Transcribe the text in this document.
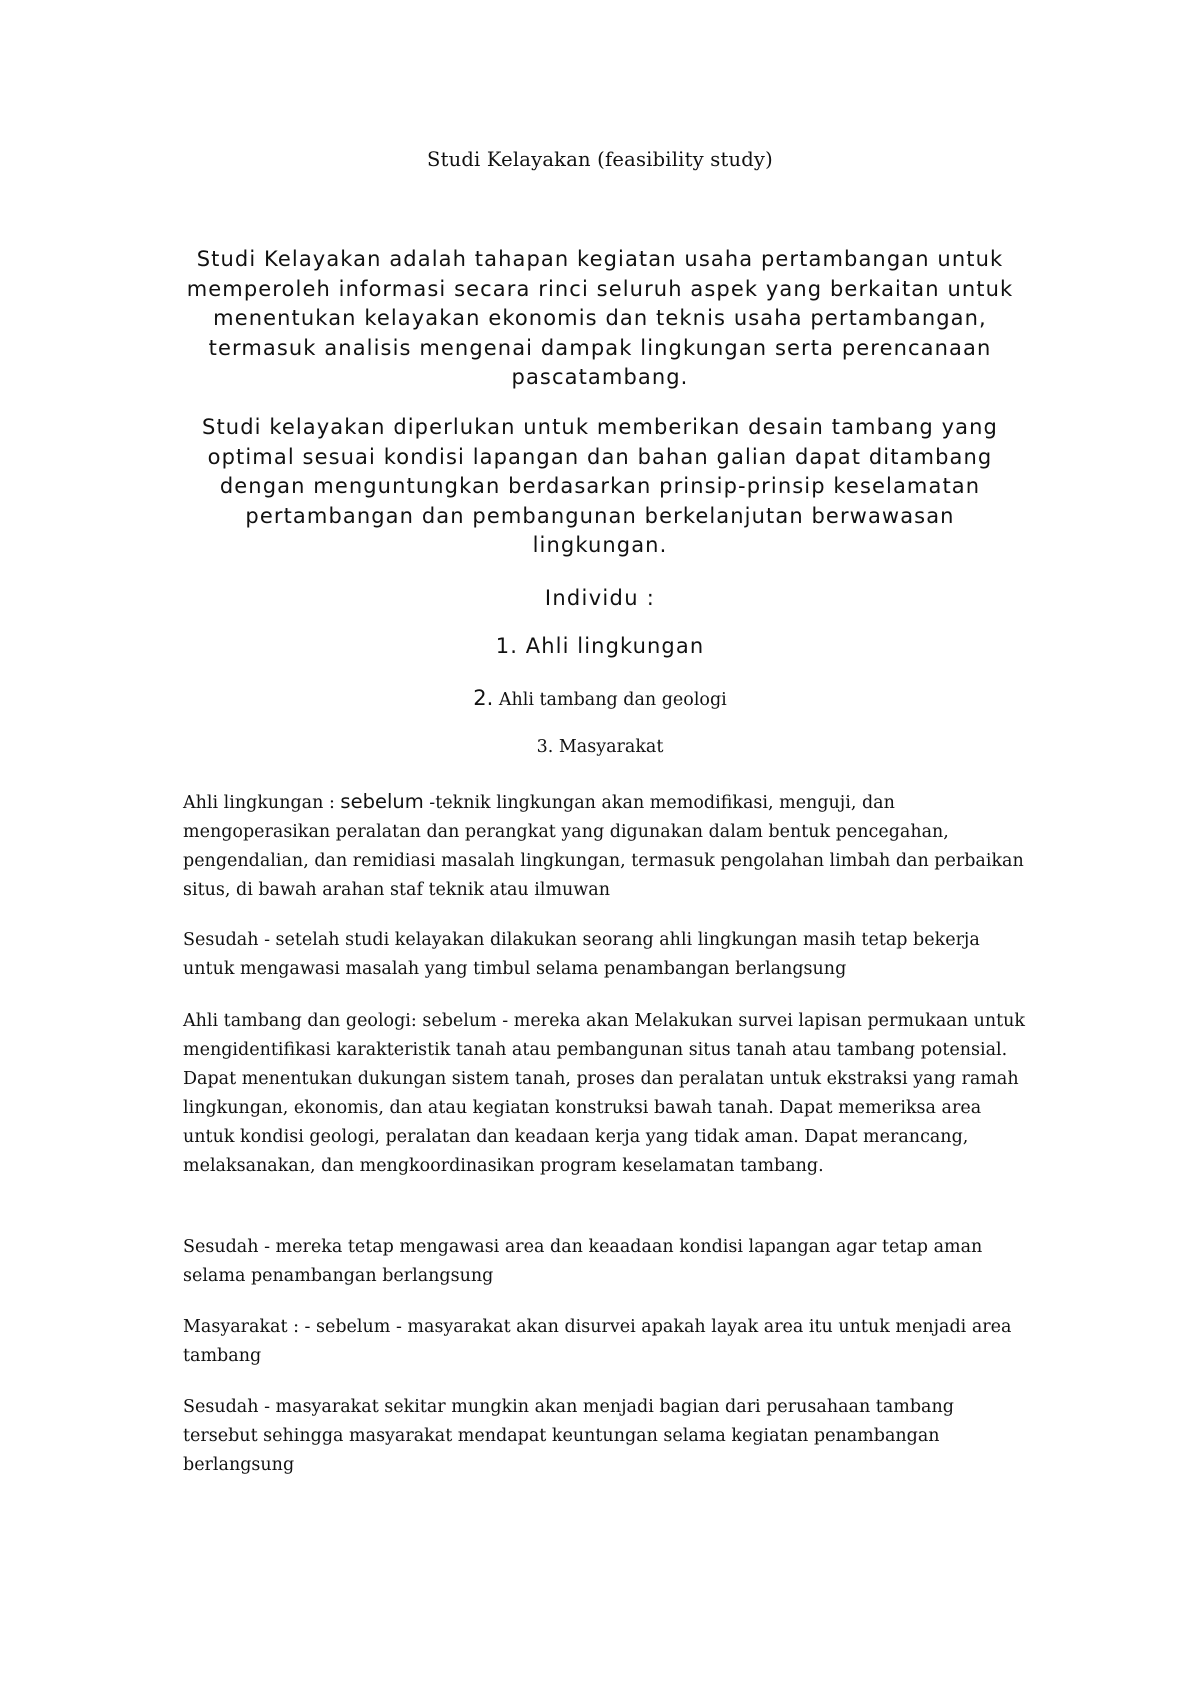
Studi Kelayakan (feasibility study)
Studi Kelayakan adalah tahapan kegiatan usaha pertambangan untuk memperoleh informasi secara rinci seluruh aspek yang berkaitan untuk menentukan kelayakan ekonomis dan teknis usaha pertambangan, termasuk analisis mengenai dampak lingkungan serta perencanaan pascatambang.
Studi kelayakan diperlukan untuk memberikan desain tambang yang optimal sesuai kondisi lapangan dan bahan galian dapat ditambang dengan menguntungkan berdasarkan prinsip-prinsip keselamatan pertambangan dan pembangunan berkelanjutan berwawasan lingkungan.
Individu :
1. Ahli lingkungan
2. Ahli tambang dan geologi
3. Masyarakat
Ahli lingkungan : sebelum -teknik lingkungan akan memodifikasi, menguji, dan mengoperasikan peralatan dan perangkat yang digunakan dalam bentuk pencegahan, pengendalian, dan remidiasi masalah lingkungan, termasuk pengolahan limbah dan perbaikan situs, di bawah arahan staf teknik atau ilmuwan
Sesudah - setelah studi kelayakan dilakukan seorang ahli lingkungan masih tetap bekerja untuk mengawasi masalah yang timbul selama penambangan berlangsung
Ahli tambang dan geologi: sebelum - mereka akan Melakukan survei lapisan permukaan untuk mengidentifikasi karakteristik tanah atau pembangunan situs tanah atau tambang potensial. Dapat menentukan dukungan sistem tanah, proses dan peralatan untuk ekstraksi yang ramah lingkungan, ekonomis, dan atau kegiatan konstruksi bawah tanah. Dapat memeriksa area untuk kondisi geologi, peralatan dan keadaan kerja yang tidak aman. Dapat merancang, melaksanakan, dan mengkoordinasikan program keselamatan tambang.
Sesudah - mereka tetap mengawasi area dan keaadaan kondisi lapangan agar tetap aman selama penambangan berlangsung
Masyarakat : - sebelum - masyarakat akan disurvei apakah layak area itu untuk menjadi area tambang
Sesudah - masyarakat sekitar mungkin akan menjadi bagian dari perusahaan tambang tersebut sehingga masyarakat mendapat keuntungan selama kegiatan penambangan berlangsung
